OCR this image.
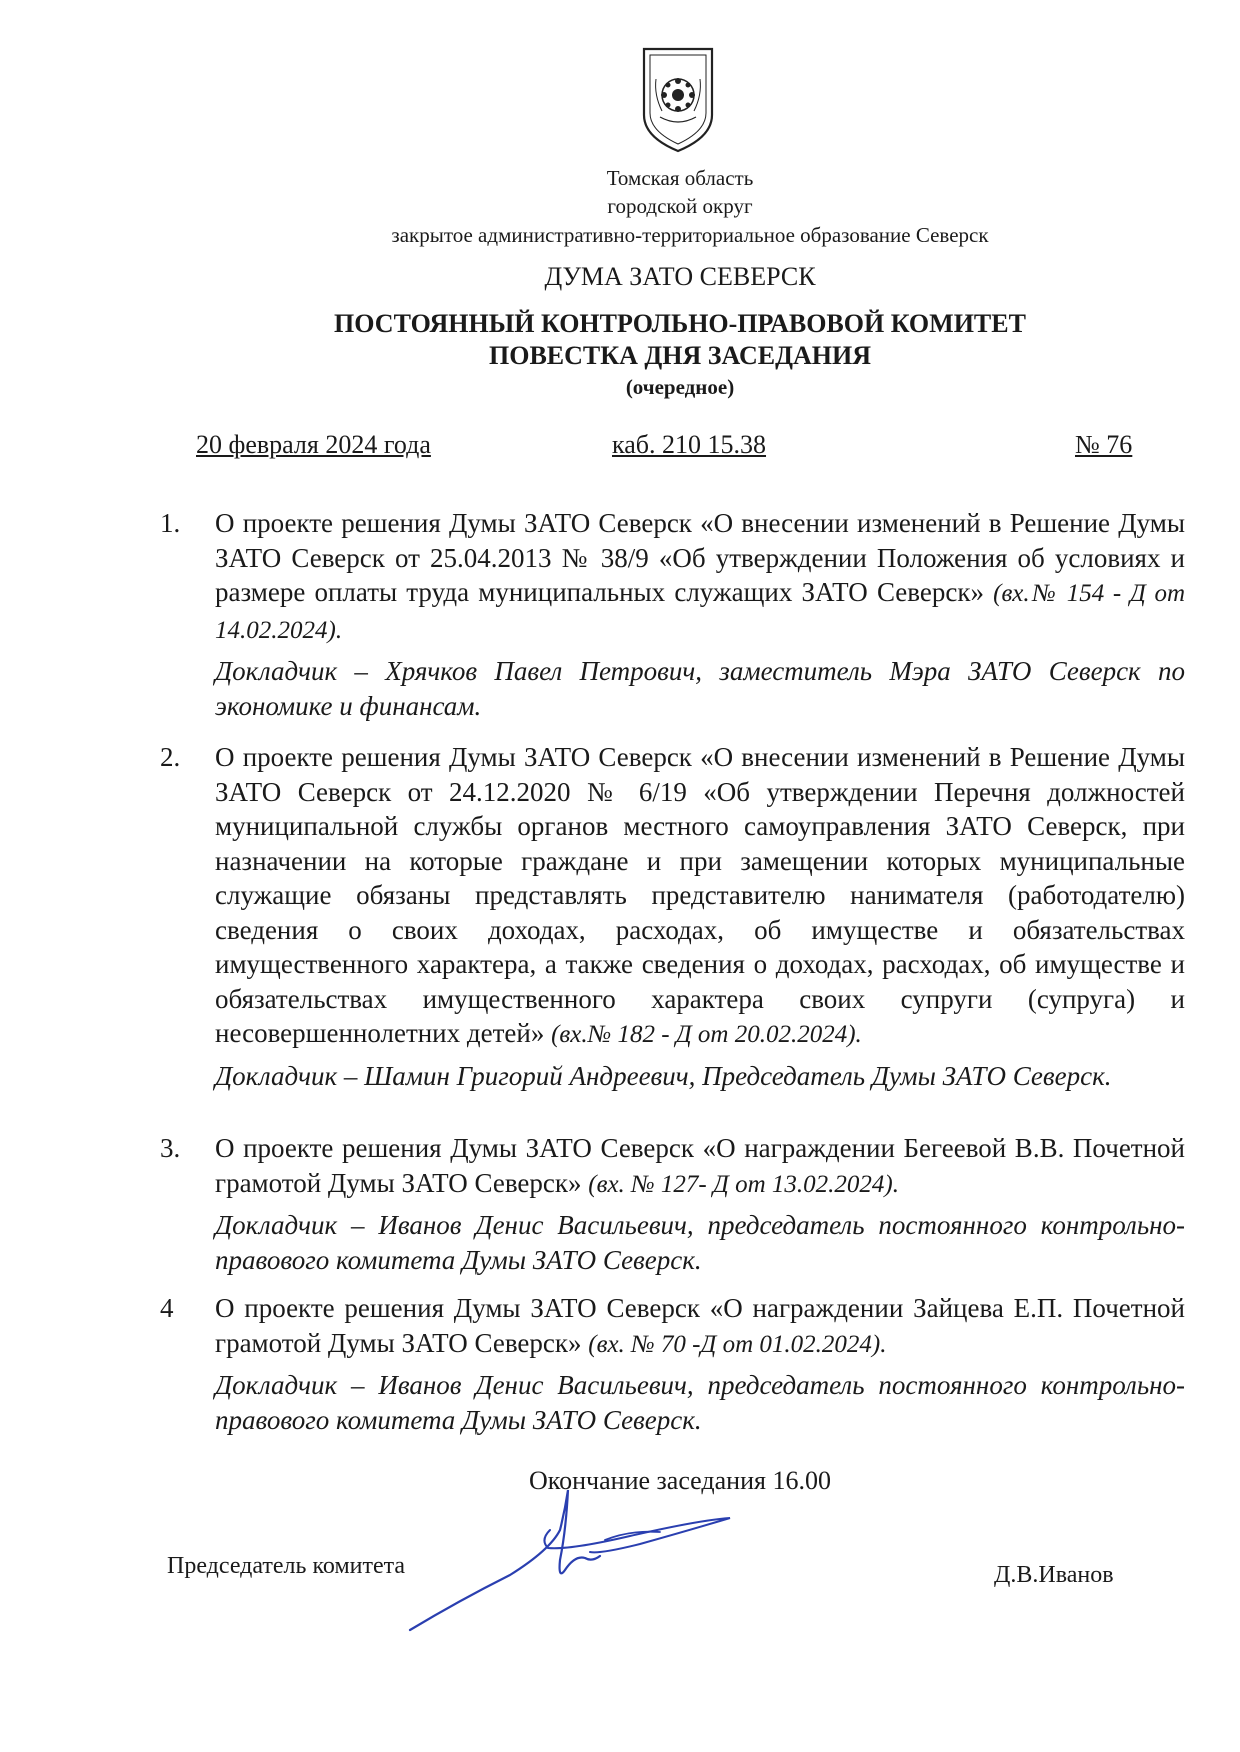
Томская область
городской округ
закрытое административно-территориальное образование Северск
ДУМА ЗАТО СЕВЕРСК
ПОСТОЯННЫЙ КОНТРОЛЬНО-ПРАВОВОЙ КОМИТЕТ
ПОВЕСТКА ДНЯ ЗАСЕДАНИЯ
(очередное)
20 февраля 2024 года	каб. 210 15.38	№ 76
1. О проекте решения Думы ЗАТО Северск «О внесении изменений в Решение Думы ЗАТО Северск от 25.04.2013 № 38/9 «Об утверждении Положения об условиях и размере оплаты труда муниципальных служащих ЗАТО Северск» (вх.№ 154 - Д от 14.02.2024).
Докладчик – Хрячков Павел Петрович, заместитель Мэра ЗАТО Северск по экономике и финансам.
2. О проекте решения Думы ЗАТО Северск «О внесении изменений в Решение Думы ЗАТО Северск от 24.12.2020 № 6/19 «Об утверждении Перечня должностей муниципальной службы органов местного самоуправления ЗАТО Северск, при назначении на которые граждане и при замещении которых муниципальные служащие обязаны представлять представителю нанимателя (работодателю) сведения о своих доходах, расходах, об имуществе и обязательствах имущественного характера, а также сведения о доходах, расходах, об имуществе и обязательствах имущественного характера своих супруги (супруга) и несовершеннолетних детей» (вх.№ 182 - Д от 20.02.2024).
Докладчик – Шамин Григорий Андреевич, Председатель Думы ЗАТО Северск.
3. О проекте решения Думы ЗАТО Северск «О награждении Бегеевой В.В. Почетной грамотой Думы ЗАТО Северск» (вх. № 127- Д от 13.02.2024).
Докладчик – Иванов Денис Васильевич, председатель постоянного контрольно-правового комитета Думы ЗАТО Северск.
4 О проекте решения Думы ЗАТО Северск «О награждении Зайцева Е.П. Почетной грамотой Думы ЗАТО Северск» (вх. № 70 -Д от 01.02.2024).
Докладчик – Иванов Денис Васильевич, председатель постоянного контрольно-правового комитета Думы ЗАТО Северск.
Окончание заседания 16.00
Председатель комитета	Д.В.Иванов
